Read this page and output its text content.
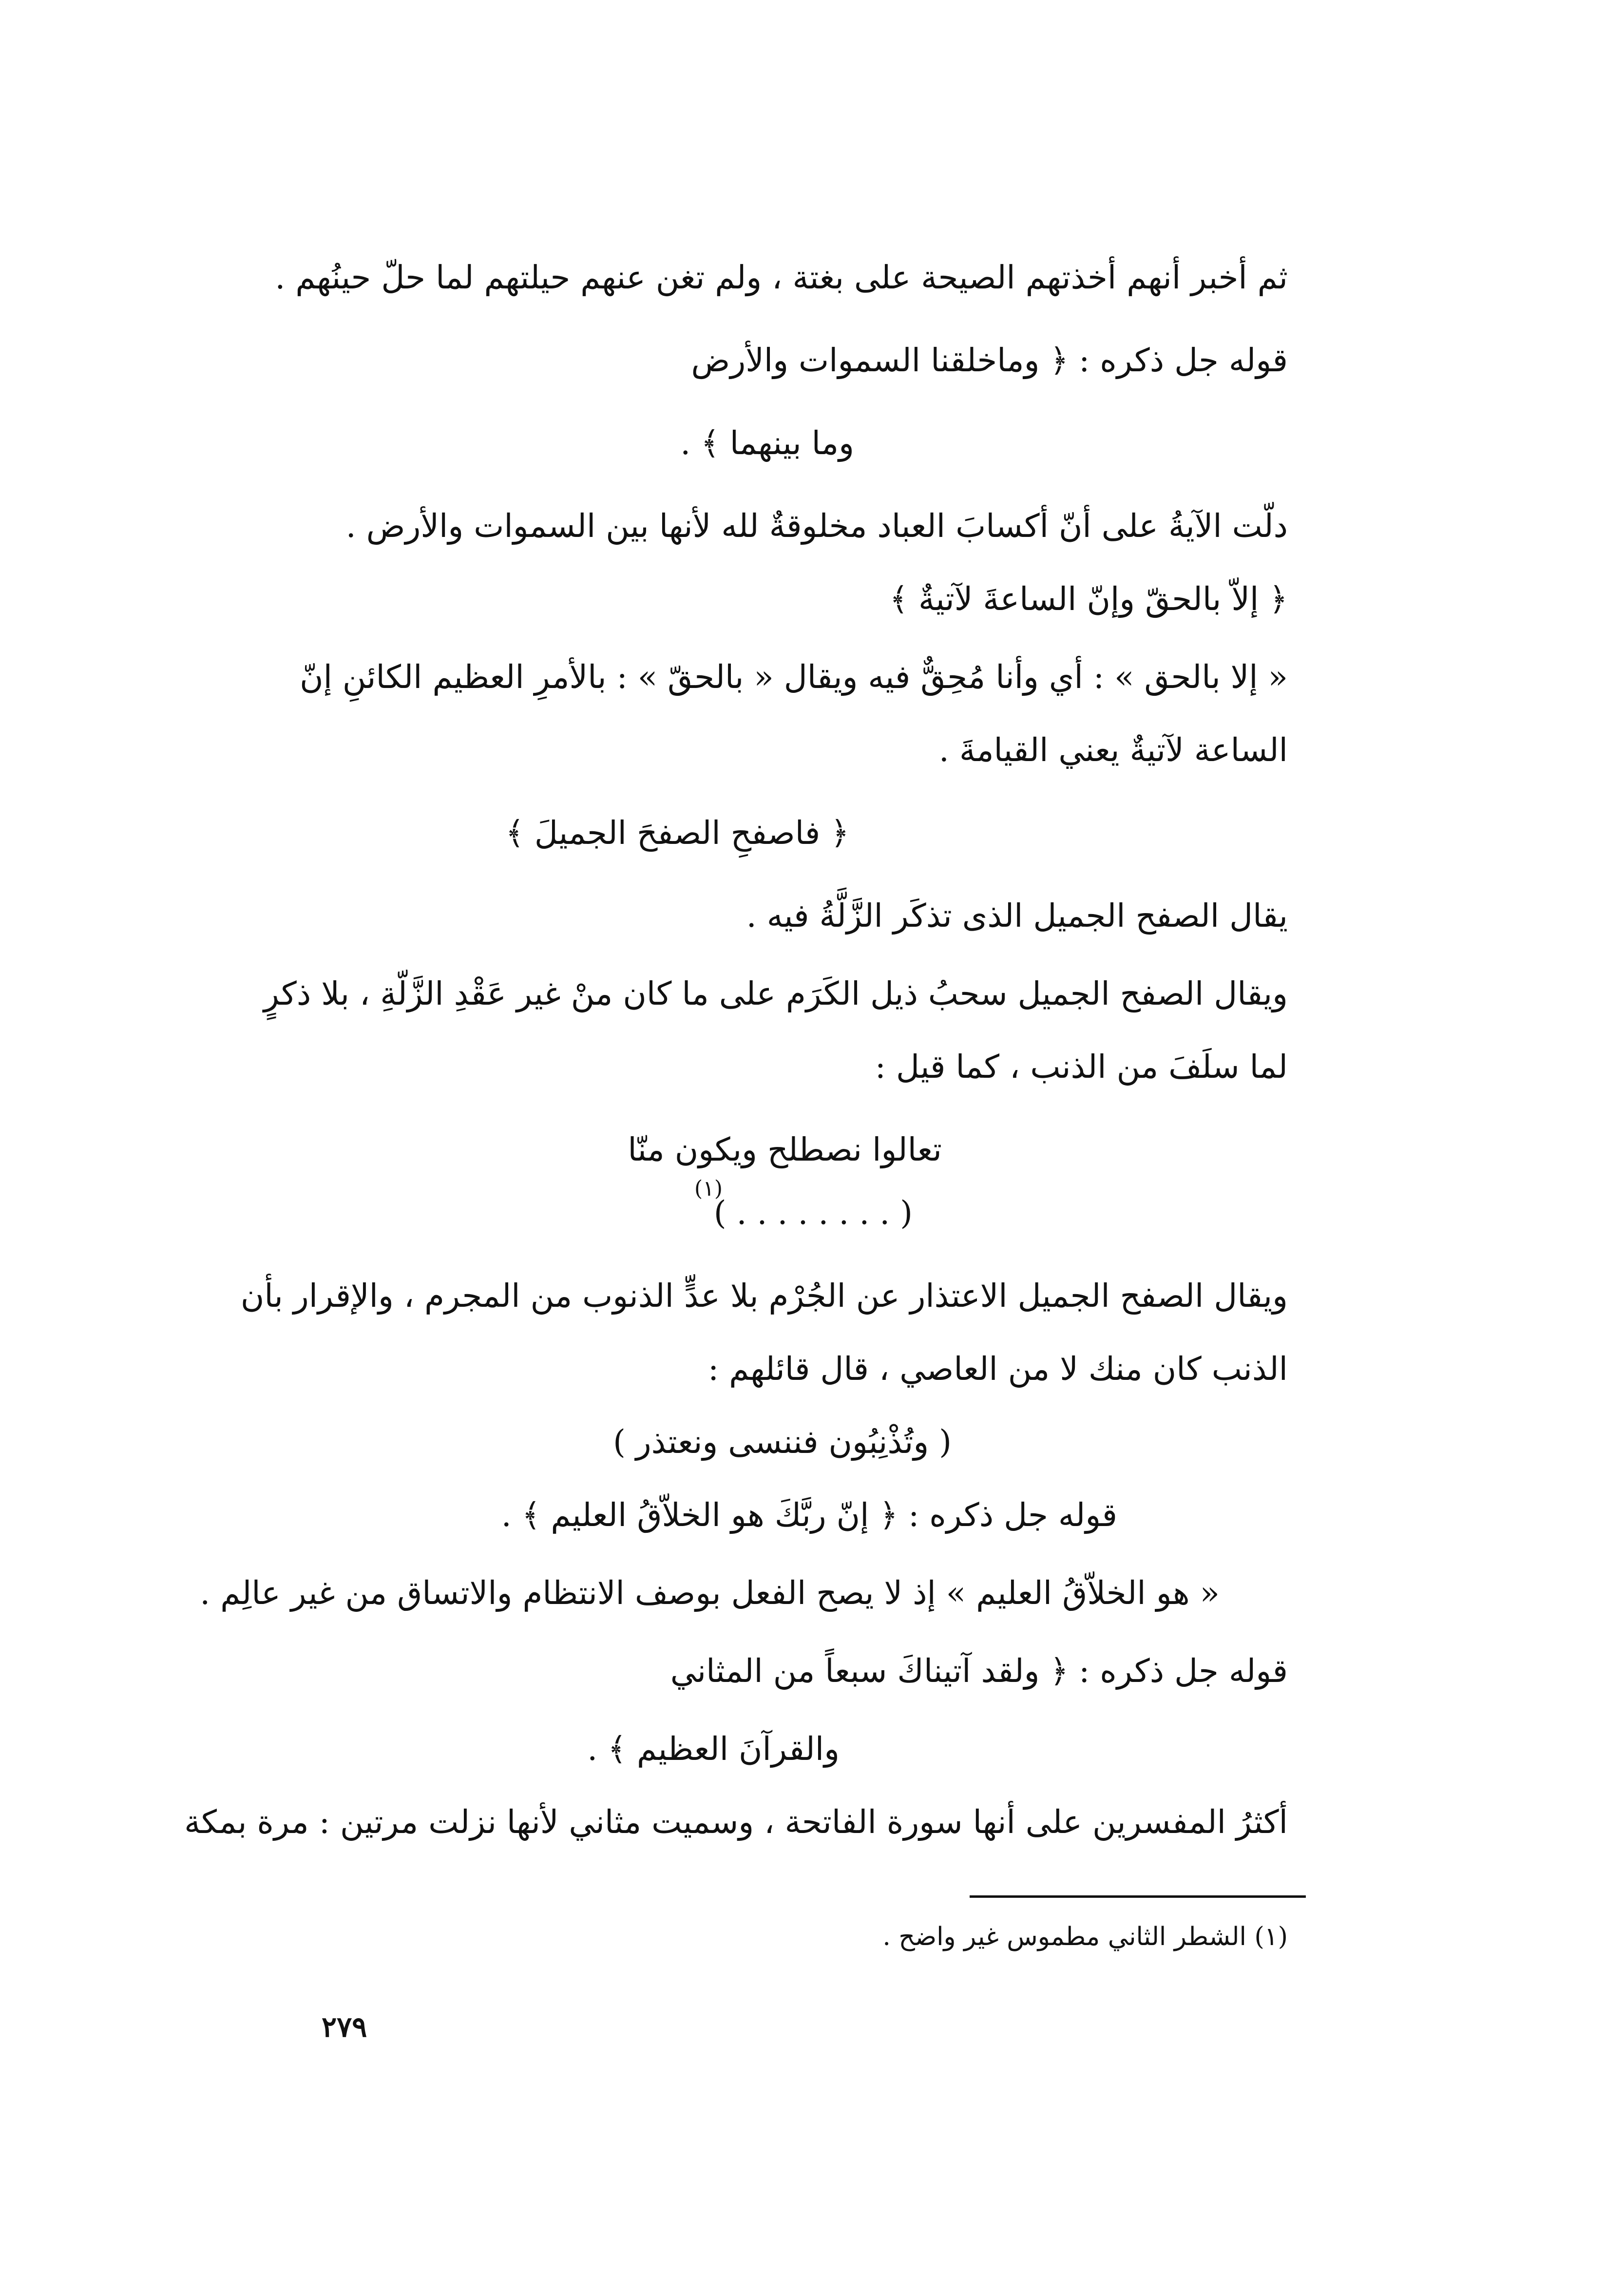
ثم أخبر أنهم أخذتهم الصيحة على بغتة ، ولم تغن عنهم حيلتهم لما حلّ حينُهم .
قوله جل ذكره : ﴿ وماخلقنا السموات والأرض
وما بينهما ﴾ .
دلّت الآيةُ على أنّ أكسابَ العباد مخلوقةٌ لله لأنها بين السموات والأرض .
﴿ إلاّ بالحقّ وإنّ الساعةَ لآتيةٌ ﴾
« إلا بالحق » : أي وأنا مُحِقٌّ فيه ويقال « بالحقّ » : بالأمرِ العظيم الكائنِ إنّ
الساعة لآتيةٌ يعني القيامةَ .
﴿ فاصفحِ الصفحَ الجميلَ ﴾
يقال الصفح الجميل الذى تذكَر الزَّلَّةُ فيه .
ويقال الصفح الجميل سحبُ ذيل الكَرَم على ما كان منْ غير عَقْدِ الزَّلّةِ ، بلا ذكرٍ
لما سلَفَ من الذنب ، كما قيل :
تعالوا نصطلح ويكون منّا
( . . . . . . . . )
(١)
ويقال الصفح الجميل الاعتذار عن الجُرْم بلا عدٍّ الذنوب من المجرم ، والإقرار بأن
الذنب كان منك لا من العاصي ، قال قائلهم :
( وتُذْنِبُون فننسى ونعتذر )
قوله جل ذكره : ﴿ إنّ ربَّكَ هو الخلاّقُ العليم ﴾ .
« هو الخلاّقُ العليم » إذ لا يصح الفعل بوصف الانتظام والاتساق من غير عالِم .
قوله جل ذكره : ﴿ ولقد آتيناكَ سبعاً من المثاني
والقرآنَ العظيم ﴾ .
أكثرُ المفسرين على أنها سورة الفاتحة ، وسميت مثاني لأنها نزلت مرتين : مرة بمكة
(١) الشطر الثاني مطموس غير واضح .
٢٧٩
